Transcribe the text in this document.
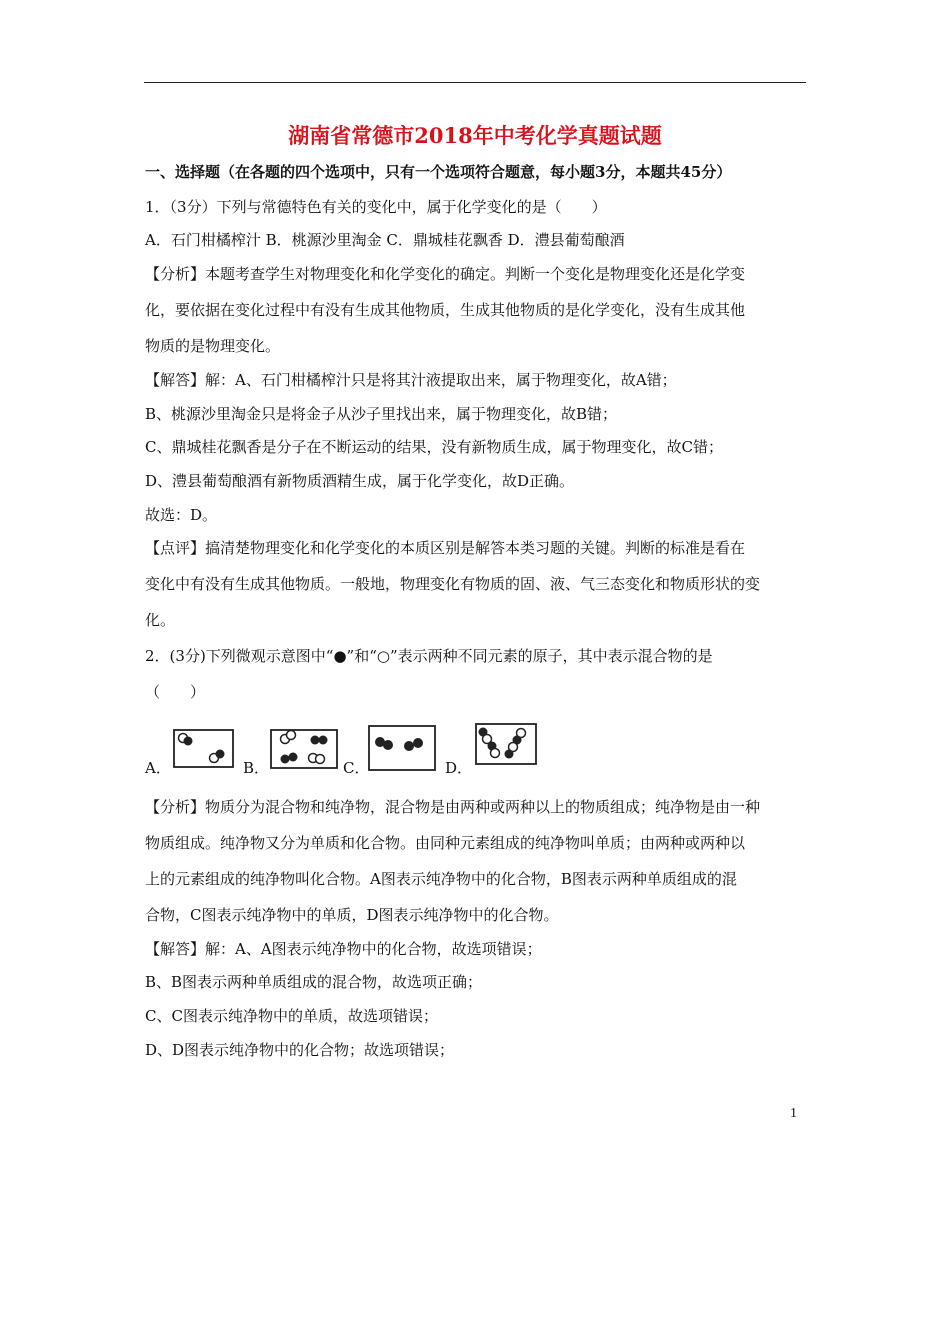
湖南省常德市2018年中考化学真题试题
一、选择题（在各题的四个选项中，只有一个选项符合题意，每小题3分，本题共45分）
1．（3分）下列与常德特色有关的变化中，属于化学变化的是（　　）
A．石门柑橘榨汁 B．桃源沙里淘金 C．鼎城桂花飘香 D．澧县葡萄酿酒
【分析】本题考查学生对物理变化和化学变化的确定。判断一个变化是物理变化还是化学变
化，要依据在变化过程中有没有生成其他物质，生成其他物质的是化学变化，没有生成其他
物质的是物理变化。
【解答】解：A、石门柑橘榨汁只是将其汁液提取出来，属于物理变化，故A错；
B、桃源沙里淘金只是将金子从沙子里找出来，属于物理变化，故B错；
C、鼎城桂花飘香是分子在不断运动的结果，没有新物质生成，属于物理变化，故C错；
D、澧县葡萄酿酒有新物质酒精生成，属于化学变化，故D正确。
故选：D。
【点评】搞清楚物理变化和化学变化的本质区别是解答本类习题的关键。判断的标准是看在
变化中有没有生成其他物质。一般地，物理变化有物质的固、液、气三态变化和物质形状的变
化。
2．(3分)下列微观示意图中“●”和“○”表示两种不同元素的原子，其中表示混合物的是
（　　）
A．	B．	C．	D．
【分析】物质分为混合物和纯净物，混合物是由两种或两种以上的物质组成；纯净物是由一种
物质组成。纯净物又分为单质和化合物。由同种元素组成的纯净物叫单质；由两种或两种以
上的元素组成的纯净物叫化合物。A图表示纯净物中的化合物，B图表示两种单质组成的混
合物，C图表示纯净物中的单质，D图表示纯净物中的化合物。
【解答】解：A、A图表示纯净物中的化合物，故选项错误；
B、B图表示两种单质组成的混合物，故选项正确；
C、C图表示纯净物中的单质，故选项错误；
D、D图表示纯净物中的化合物；故选项错误；
1
